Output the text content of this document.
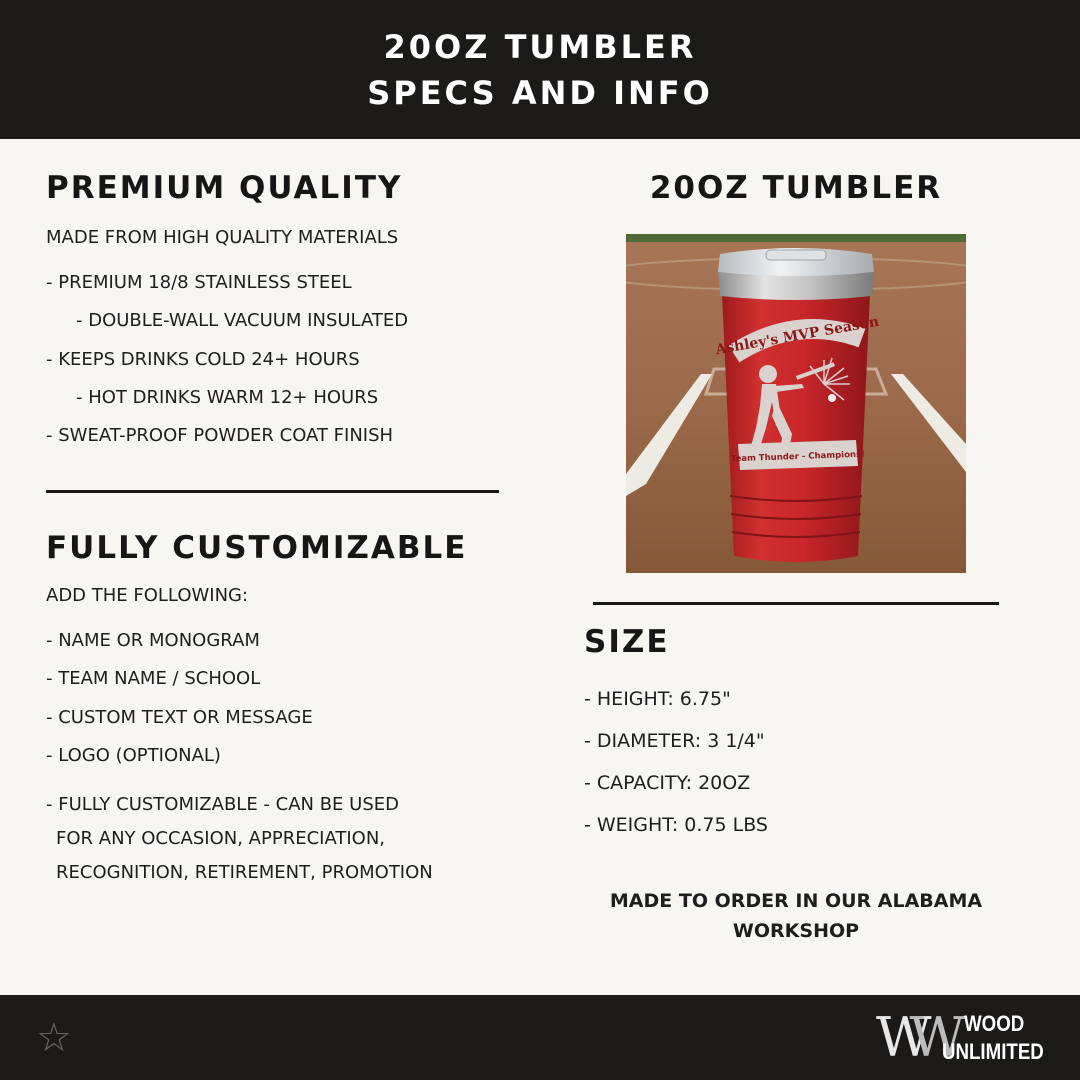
20OZ TUMBLER
SPECS AND INFO
PREMIUM QUALITY
MADE FROM HIGH QUALITY MATERIALS
- PREMIUM 18/8 STAINLESS STEEL
- DOUBLE-WALL VACUUM INSULATED
- KEEPS DRINKS COLD 24+ HOURS
- HOT DRINKS WARM 12+ HOURS
- SWEAT-PROOF POWDER COAT FINISH
FULLY CUSTOMIZABLE
ADD THE FOLLOWING:
- NAME OR MONOGRAM
- TEAM NAME / SCHOOL
- CUSTOM TEXT OR MESSAGE
- LOGO (OPTIONAL)
- FULLY CUSTOMIZABLE - CAN BE USED
FOR ANY OCCASION, APPRECIATION,
RECOGNITION, RETIREMENT, PROMOTION
20OZ TUMBLER
Ashley's MVP Season
Team Thunder - Champions!
SIZE
- HEIGHT: 6.75"
- DIAMETER: 3 1/4"
- CAPACITY: 20OZ
- WEIGHT: 0.75 LBS
MADE TO ORDER IN OUR ALABAMA
WORKSHOP
☆	WW WOOD
UNLIMITED
